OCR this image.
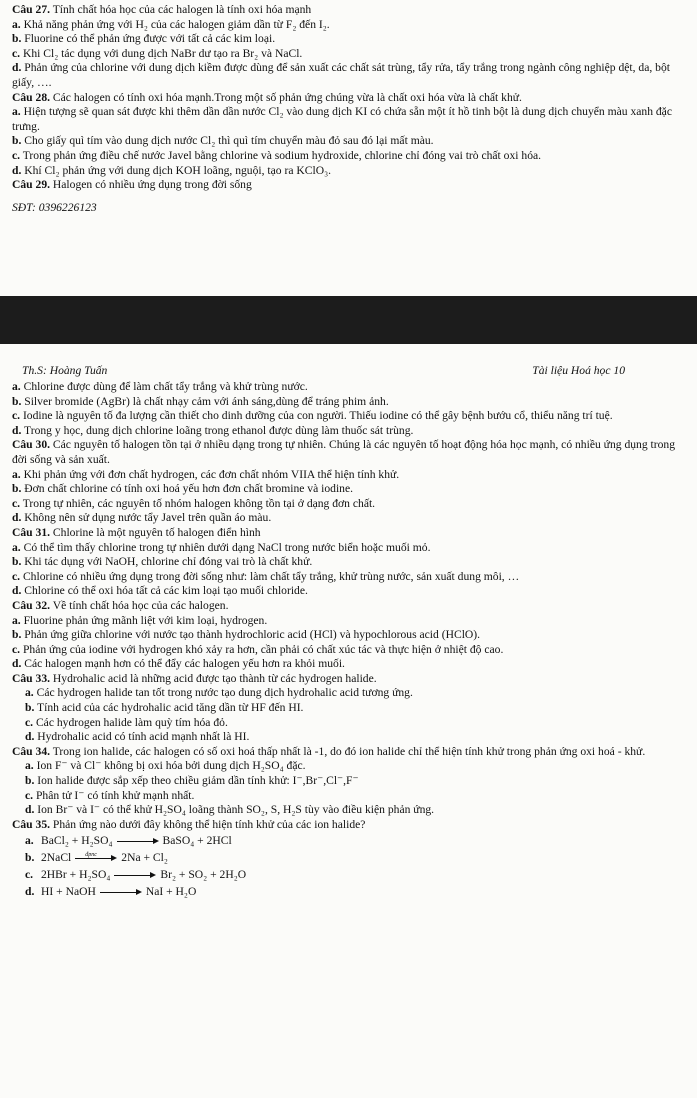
Câu 27. Tính chất hóa học của các halogen là tính oxi hóa mạnh

a. Khả năng phản ứng với H₂ của các halogen giảm dần từ F₂ đến I₂.

b. Fluorine có thể phản ứng được với tất cả các kim loại.

c. Khi Cl₂ tác dụng với dung dịch NaBr dư tạo ra Br₂ và NaCl.

d. Phản ứng của chlorine với dung dịch kiềm được dùng để sản xuất các chất sát trùng, tẩy rửa, tẩy trắng trong ngành công nghiệp dệt, da, bột giấy, ….

Câu 28. Các halogen có tính oxi hóa mạnh.Trong một số phản ứng chúng vừa là chất oxi hóa vừa là chất khử.

a. Hiện tượng sẽ quan sát được khi thêm dần dần nước Cl₂ vào dung dịch KI có chứa sẵn một ít hồ tinh bột là dung dịch chuyển màu xanh đặc trưng.

b. Cho giấy quì tím vào dung dịch nước Cl₂ thì quì tím chuyển màu đỏ sau đó lại mất màu.

c. Trong phản ứng điều chế nước Javel bằng chlorine và sodium hydroxide, chlorine chỉ đóng vai trò chất oxi hóa.

d. Khí Cl₂ phản ứng với dung dịch KOH loãng, nguội, tạo ra KClO₃.

Câu 29. Halogen có nhiều ứng dụng trong đời sống

SĐT: 0396226123
Th.S: Hoàng Tuấn	Tài liệu Hoá học 10

a. Chlorine được dùng để làm chất tẩy trắng và khử trùng nước.

b. Silver bromide (AgBr) là chất nhạy cảm với ánh sáng,dùng để tráng phim ảnh.

c. Iodine là nguyên tố đa lượng cần thiết cho dinh dưỡng của con người. Thiếu iodine có thể gây bệnh bướu cổ, thiểu năng trí tuệ.

d. Trong y học, dung dịch chlorine loãng trong ethanol được dùng làm thuốc sát trùng.

Câu 30. Các nguyên tố halogen tồn tại ở nhiều dạng trong tự nhiên. Chúng là các nguyên tố hoạt động hóa học mạnh, có nhiều ứng dụng trong đời sống và sản xuất.

a. Khi phản ứng với đơn chất hydrogen, các đơn chất nhóm VIIA thể hiện tính khử.

b. Đơn chất chlorine có tính oxi hoá yếu hơn đơn chất bromine và iodine.

c. Trong tự nhiên, các nguyên tố nhóm halogen không tồn tại ở dạng đơn chất.

d. Không nên sử dụng nước tẩy Javel trên quần áo màu.

Câu 31. Chlorine là một nguyên tố halogen điển hình

a. Có thể tìm thấy chlorine trong tự nhiên dưới dạng NaCl trong nước biển hoặc muối mỏ.

b. Khi tác dụng với NaOH, chlorine chỉ đóng vai trò là chất khử.

c. Chlorine có nhiều ứng dụng trong đời sống như: làm chất tẩy trắng, khử trùng nước, sản xuất dung môi, …

d. Chlorine có thể oxi hóa tất cả các kim loại tạo muối chloride.

Câu 32. Về tính chất hóa học của các halogen.

a. Fluorine phản ứng mãnh liệt với kim loại, hydrogen.

b. Phản ứng giữa chlorine với nước tạo thành hydrochloric acid (HCl) và hypochlorous acid (HClO).

c. Phản ứng của iodine với hydrogen khó xảy ra hơn, cần phải có chất xúc tác và thực hiện ở nhiệt độ cao.

d. Các halogen mạnh hơn có thể đẩy các halogen yếu hơn ra khỏi muối.

Câu 33. Hydrohalic acid là những acid được tạo thành từ các hydrogen halide.

a. Các hydrogen halide tan tốt trong nước tạo dung dịch hydrohalic acid tương ứng.

b. Tính acid của các hydrohalic acid tăng dần từ HF đến HI.

c. Các hydrogen halide làm quỳ tím hóa đỏ.

d. Hydrohalic acid có tính acid mạnh nhất là HI.

Câu 34. Trong ion halide, các halogen có số oxi hoá thấp nhất là -1, do đó ion halide chỉ thể hiện tính khử trong phản ứng oxi hoá - khử.

a. Ion F⁻ và Cl⁻ không bị oxi hóa bởi dung dịch H₂SO₄ đặc.

b. Ion halide được sắp xếp theo chiều giảm dần tính khử: I⁻,Br⁻,Cl⁻,F⁻

c. Phân tử I⁻ có tính khử mạnh nhất.

d. Ion Br⁻ và I⁻ có thể khử H₂SO₄ loãng thành SO₂, S, H₂S tùy vào điều kiện phản ứng.

Câu 35. Phản ứng nào dưới đây không thể hiện tính khử của các ion halide?

a. BaCl₂ + H₂SO₄	BaSO₄ + 2HCl
b. 2NaCl đpnc 2Na + Cl₂
c. 2HBr + H₂SO₄	Br₂ + SO₂ + 2H₂O
d. HI + NaOH	NaI + H₂O
